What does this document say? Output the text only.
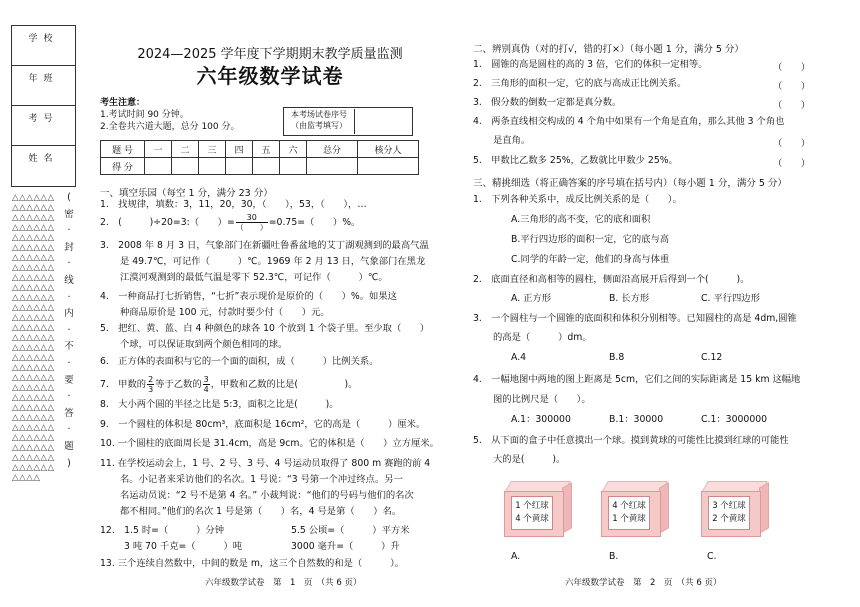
学校
年班
考号
姓名
△△△△△△△△△△△△△△△△△△△△△△△△△△△△△△△△△△△△△△△△△△△△△△△△△△△△△△△△△△△△△△△△△△△△△△△△△△△△△△△△△△△△△△△△△△△△△△△△△△△△△△△△△△△△△△△△△△△△△△△△△△△△△△△△△△△△△△△△△△△△△△△△△△△△△△△△△△△△△△△△△△△△△△△△△△△△
(
密
·
封
·
线
·
内
·
不
·
要
·
答
·
题
)
2024—2025 学年度下学期期末教学质量监测
六年级数学试卷
考生注意：
1.考试时间 90 分钟。
2.全卷共六道大题，总分 100 分。
本考场试卷序号
（由监考填写）
题 号	一	二	三	四	五	六	总分	核分人
得 分								
一、填空乐园（每空 1 分，满分 23 分）
1.　找规律，填数：3，11，20，30，（　　），53，（　　），…
2.　(　　　)÷20=3:（　　）= $\frac{30}{( )} =0.75=$（　　）%。
3.　2008 年 8 月 3 日，气象部门在新疆吐鲁番盆地的艾丁湖观测到的最高气温
是 49.7℃，可记作（　　　）℃。1969 年 2 月 13 日，气象部门在黑龙
江漠河观测到的最低气温是零下 52.3℃，可记作（　　　）℃。
4.　一种商品打七折销售，“七折”表示现价是原价的（　　）%。如果这
种商品原价是 100 元，付款时要少付（　　）元。
5.　把红、黄、蓝、白 4 种颜色的球各 10 个放到 1 个袋子里。至少取（　　）
个球，可以保证取到两个颜色相同的球。
6.　正方体的表面积与它的一个面的面积，成（　　　）比例关系。
7.　甲数的 $\frac{2}{3}$ 等于乙数的 $\frac{3}{4}$ ，甲数和乙数的比是(　　　　　)。
8.　大小两个圆的半径之比是 5:3，面积之比是(　　　)。
9.　一个圆柱的体积是 80cm³，底面积是 16cm²，它的高是（　　　）厘米。
10. 一个圆柱的底面周长是 31.4cm，高是 9cm。它的体积是（　　）立方厘米。
11. 在学校运动会上，1 号、2 号、3 号、4 号运动员取得了 800 m 赛跑的前 4
名。小记者来采访他们的名次。1 号说：“3 号第一个冲过终点。另一
名运动员说：“2 号不是第 4 名。” 小裁判说：“他们的号码与他们的名次
都不相同。”他们的名次 1 号是第（　　）名，4 号是第（　　）名。
12.　1.5 时=（　　　）分钟	5.5 公顷=（　　　）平方米
3 吨 70 千克=（　　　）吨	3000 毫升=（　　　）升
13. 三个连续自然数中，中间的数是 m，这三个自然数的和是（　　　）。
六年级数学试卷　第　1　页　（共 6 页）
二、辨别真伪（对的打√，错的打×）（每小题 1 分，满分 5 分）
1.　圆锥的高是圆柱的高的 3 倍，它们的体积一定相等。	（　　）
2.　三角形的面积一定，它的底与高成正比例关系。	（　　）
3.　假分数的倒数一定都是真分数。	（　　）
4.　两条直线相交构成的 4 个角中如果有一个角是直角，那么其他 3 个角也
是直角。	（　　）
5.　甲数比乙数多 25%，乙数就比甲数少 25%。	（　　）
三、精挑细选（将正确答案的序号填在括号内）（每小题 1 分，满分 5 分）
1.　下列各种关系中，成反比例关系的是（　　）。
A.三角形的高不变，它的底和面积
B.平行四边形的面积一定，它的底与高
C.同学的年龄一定，他们的身高与体重
2.　底面直径和高相等的圆柱，侧面沿高展开后得到一个(　　　)。
A. 正方形	B. 长方形	C. 平行四边形
3.　一个圆柱与一个圆锥的底面积和体积分别相等。已知圆柱的高是 4dm,圆锥
的高是（　　　）dm。
A.4	B.8	C.12
4.　一幅地图中两地的图上距离是 5cm，它们之间的实际距离是 15 km 这幅地
图的比例尺是（　　）。
A.1：300000	B.1：30000	C.1：3000000
5.　从下面的盒子中任意摸出一个球。摸到黄球的可能性比摸到红球的可能性
大的是(　　　)。
1 个红球
4 个黄球
4 个红球
1 个黄球
3 个红球
2 个黄球
A.	B.	C.
六年级数学试卷　第　2　页　（共 6 页）
